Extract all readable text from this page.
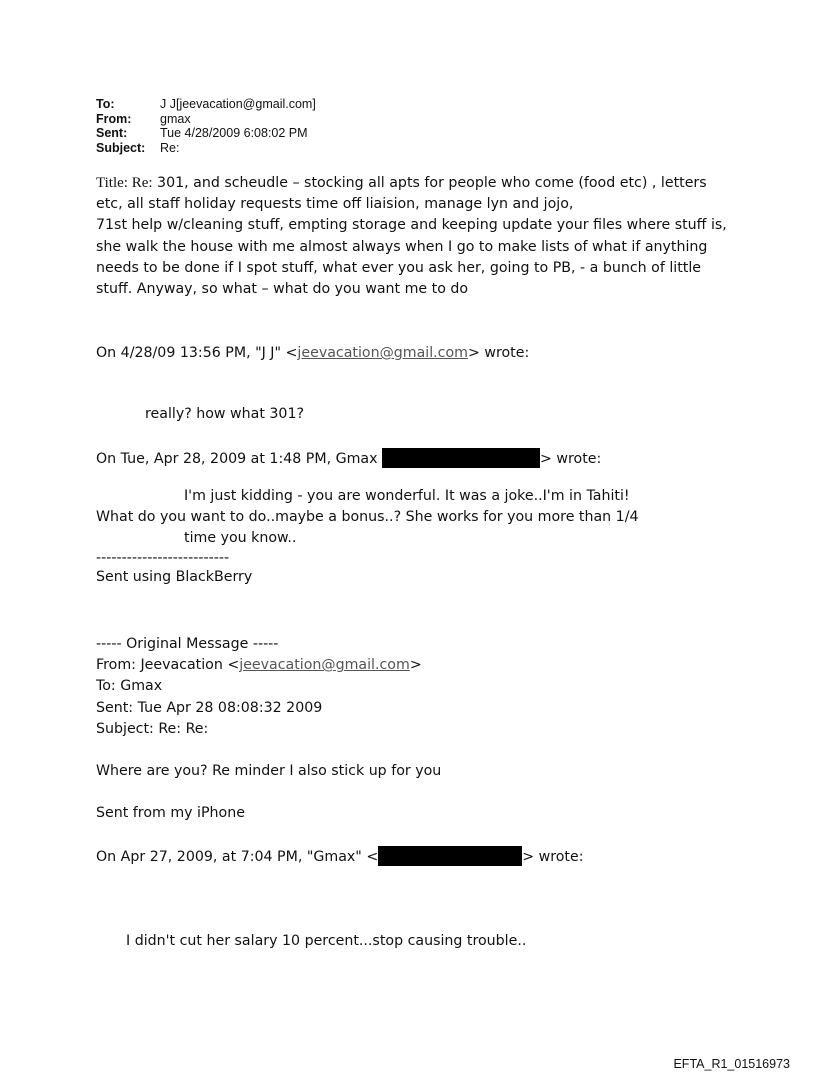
To:	J J[jeevacation@gmail.com]
From:	gmax
Sent:	Tue 4/28/2009 6:08:02 PM
Subject:	Re:
Title: Re: 301, and scheudle – stocking all apts for people who come (food etc) , letters etc, all staff holiday requests time off liaision, manage lyn and jojo,
71st help w/cleaning stuff, empting storage and keeping update your files where stuff is,
she walk the house with me almost always when I go to make lists of what if anything
needs to be done if I spot stuff, what ever you ask her, going to PB, - a bunch of little
stuff. Anyway, so what – what do you want me to do
On 4/28/09 13:56 PM, "J J" <jeevacation@gmail.com> wrote:
really? how what 301?
On Tue, Apr 28, 2009 at 1:48 PM, Gmax	> wrote:
I'm just kidding - you are wonderful. It was a joke..I'm in Tahiti!
What do you want to do..maybe a bonus..? She works for you more than 1/4
time you know..
--------------------------
Sent using BlackBerry
----- Original Message -----
From: Jeevacation <jeevacation@gmail.com>
To: Gmax
Sent: Tue Apr 28 08:08:32 2009
Subject: Re: Re:
Where are you? Re minder I also stick up for you
Sent from my iPhone
On Apr 27, 2009, at 7:04 PM, "Gmax" <	> wrote:
I didn't cut her salary 10 percent...stop causing trouble..
EFTA_R1_01516973
